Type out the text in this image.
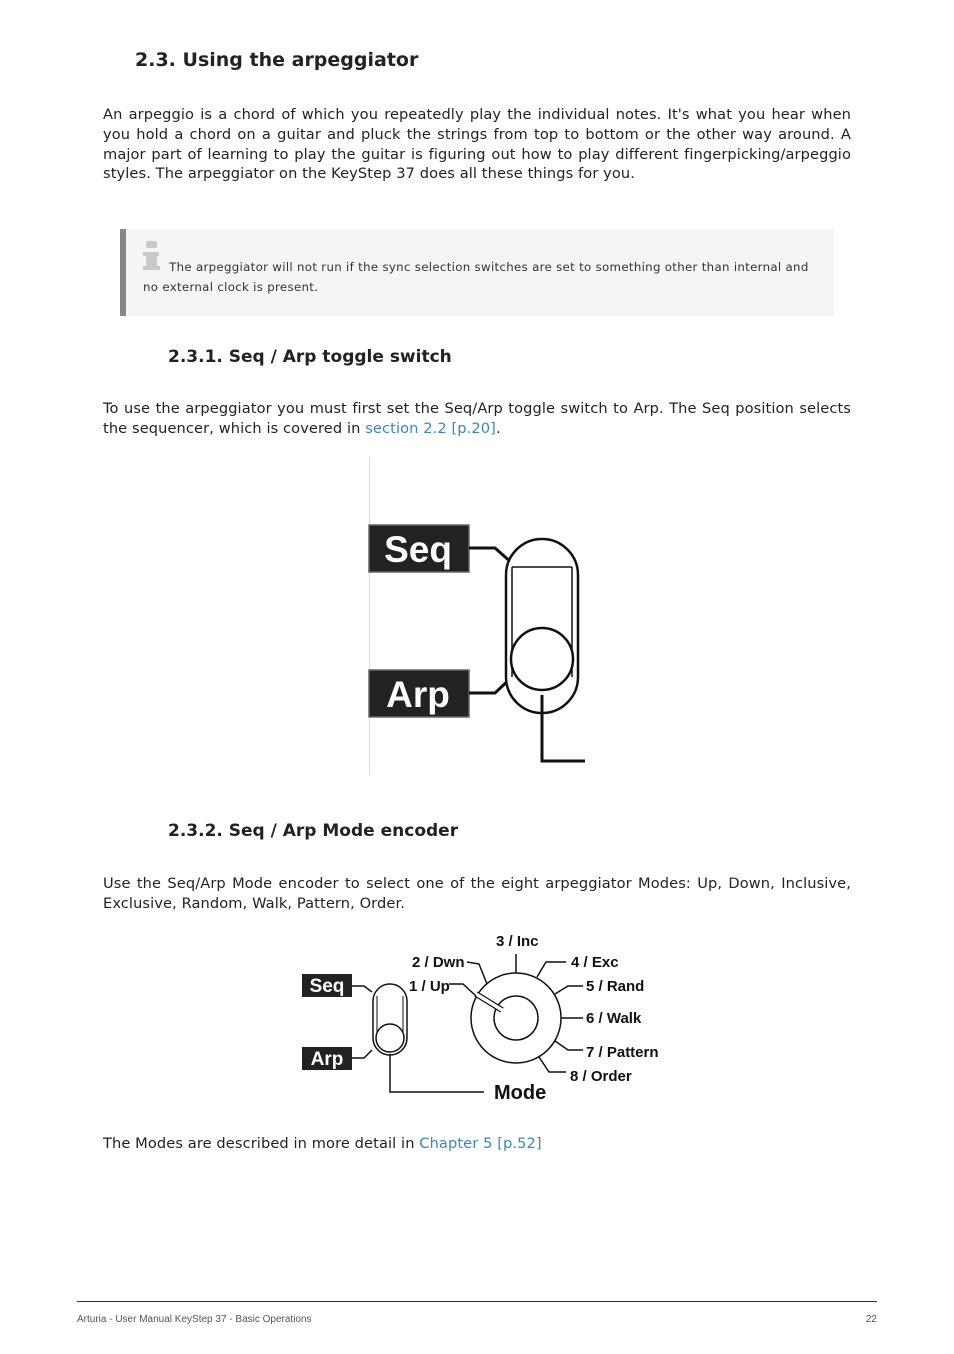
2.3. Using the arpeggiator

An arpeggio is a chord of which you repeatedly play the individual notes. It's what you hear when you hold a chord on a guitar and pluck the strings from top to bottom or the other way around. A major part of learning to play the guitar is figuring out how to play different fingerpicking/arpeggio styles. The arpeggiator on the KeyStep 37 does all these things for you.

The arpeggiator will not run if the sync selection switches are set to something other than internal and no external clock is present.
2.3.1. Seq / Arp toggle switch

To use the arpeggiator you must first set the Seq/Arp toggle switch to Arp. The Seq position selects the sequencer, which is covered in section 2.2 [p.20].

Seq
Arp
2.3.2. Seq / Arp Mode encoder

Use the Seq/Arp Mode encoder to select one of the eight arpeggiator Modes: Up, Down, Inclusive, Exclusive, Random, Walk, Pattern, Order.

Seq
Arp
Mode
3 / Inc
2 / Dwn
1 / Up
4 / Exc
5 / Rand
6 / Walk
7 / Pattern
8 / Order

The Modes are described in more detail in Chapter 5 [p.52]

Arturia - User Manual KeyStep 37 - Basic Operations	22
